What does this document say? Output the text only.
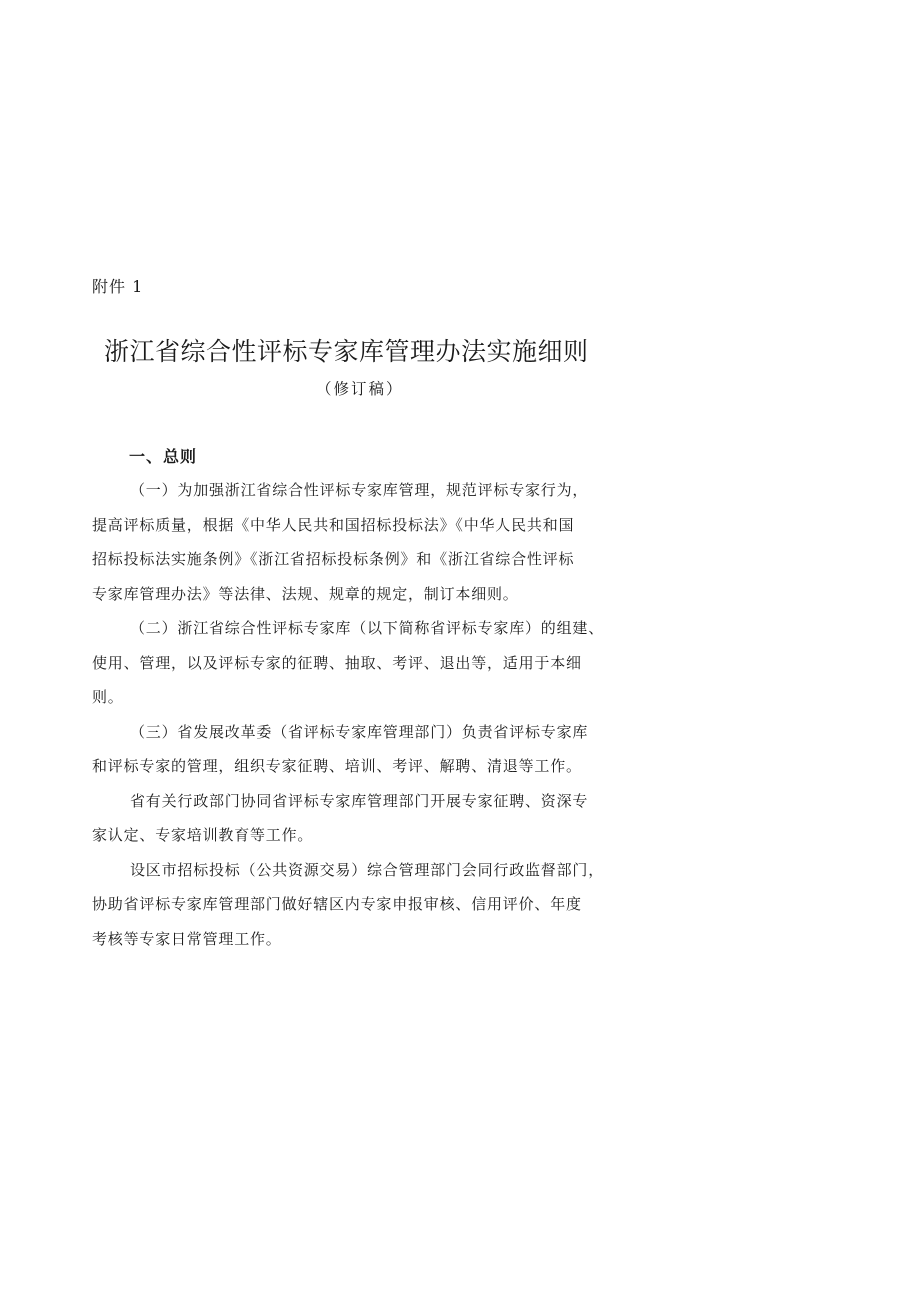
附件 1
浙江省综合性评标专家库管理办法实施细则
（修订稿）
一、总则
（一）为加强浙江省综合性评标专家库管理，规范评标专家行为，
提高评标质量，根据《中华人民共和国招标投标法》《中华人民共和国
招标投标法实施条例》《浙江省招标投标条例》和《浙江省综合性评标
专家库管理办法》等法律、法规、规章的规定，制订本细则。
（二）浙江省综合性评标专家库（以下简称省评标专家库）的组建、
使用、管理，以及评标专家的征聘、抽取、考评、退出等，适用于本细
则。
（三）省发展改革委（省评标专家库管理部门）负责省评标专家库
和评标专家的管理，组织专家征聘、培训、考评、解聘、清退等工作。
省有关行政部门协同省评标专家库管理部门开展专家征聘、资深专
家认定、专家培训教育等工作。
设区市招标投标（公共资源交易）综合管理部门会同行政监督部门，
协助省评标专家库管理部门做好辖区内专家申报审核、信用评价、年度
考核等专家日常管理工作。
